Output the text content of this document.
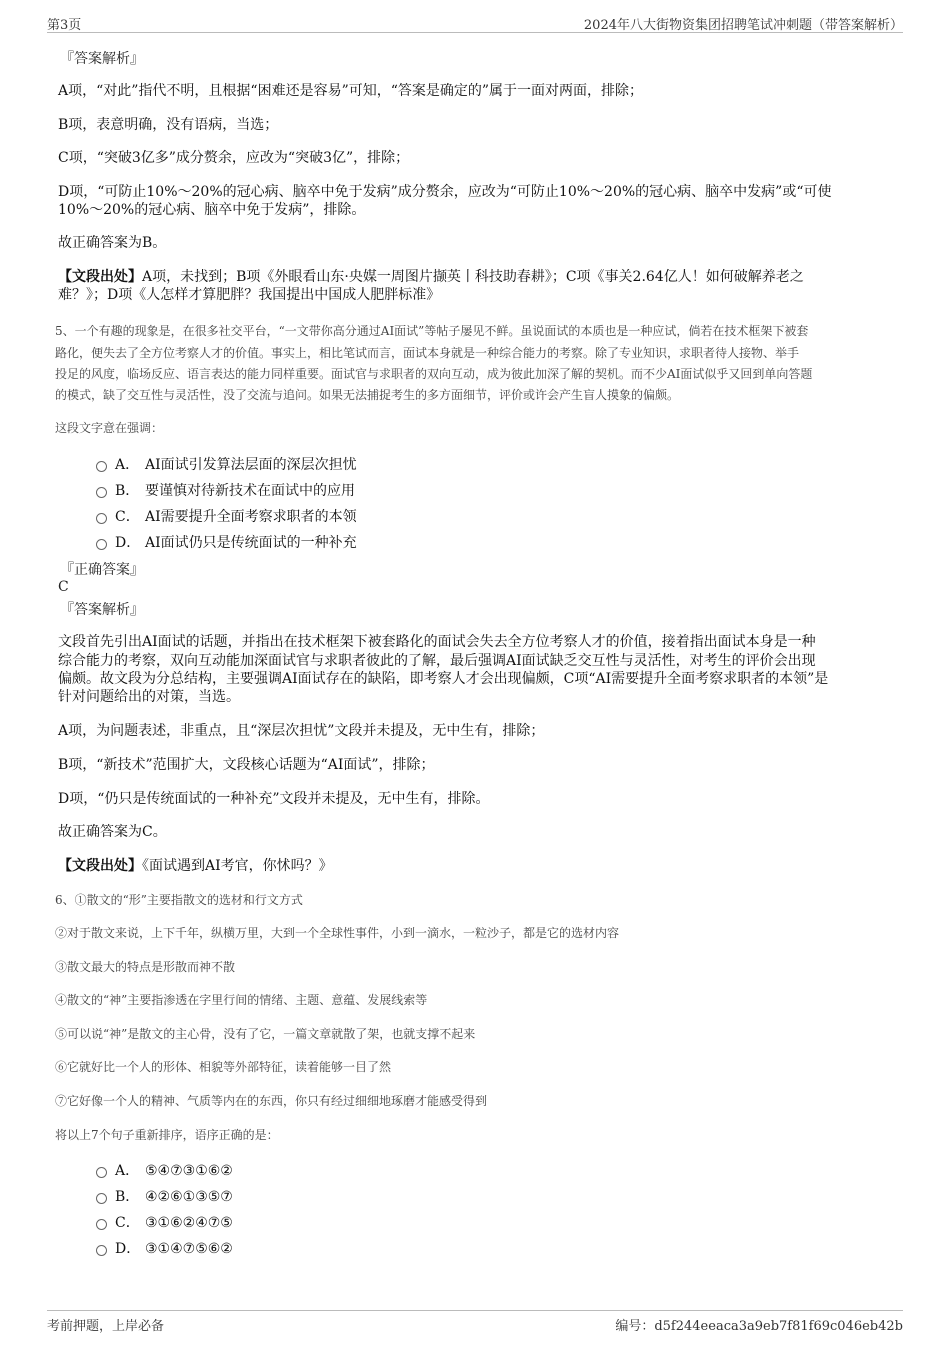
第3页	2024年八大街物资集团招聘笔试冲刺题（带答案解析）
『答案解析』
A项，“对此”指代不明，且根据“困难还是容易”可知，“答案是确定的”属于一面对两面，排除；
B项，表意明确，没有语病，当选；
C项，“突破3亿多”成分赘余，应改为“突破3亿”，排除；
D项，“可防止10%～20%的冠心病、脑卒中免于发病”成分赘余，应改为“可防止10%～20%的冠心病、脑卒中发病”或“可使
10%～20%的冠心病、脑卒中免于发病”，排除。
故正确答案为B。
【文段出处】A项，未找到；B项《外眼看山东·央媒一周图片撷英丨科技助春耕》；C项《事关2.64亿人！如何破解养老之
难？》；D项《人怎样才算肥胖？我国提出中国成人肥胖标准》
5、一个有趣的现象是，在很多社交平台，“一文带你高分通过AI面试”等帖子屡见不鲜。虽说面试的本质也是一种应试，倘若在技术框架下被套
路化，便失去了全方位考察人才的价值。事实上，相比笔试而言，面试本身就是一种综合能力的考察。除了专业知识，求职者待人接物、举手
投足的风度，临场反应、语言表达的能力同样重要。面试官与求职者的双向互动，成为彼此加深了解的契机。而不少AI面试似乎又回到单向答题
的模式，缺了交互性与灵活性，没了交流与追问。如果无法捕捉考生的多方面细节，评价或许会产生盲人摸象的偏颇。
这段文字意在强调：
A． AI面试引发算法层面的深层次担忧
B． 要谨慎对待新技术在面试中的应用
C． AI需要提升全面考察求职者的本领
D． AI面试仍只是传统面试的一种补充
『正确答案』
C
『答案解析』
文段首先引出AI面试的话题，并指出在技术框架下被套路化的面试会失去全方位考察人才的价值，接着指出面试本身是一种
综合能力的考察，双向互动能加深面试官与求职者彼此的了解，最后强调AI面试缺乏交互性与灵活性，对考生的评价会出现
偏颇。故文段为分总结构，主要强调AI面试存在的缺陷，即考察人才会出现偏颇，C项“AI需要提升全面考察求职者的本领”是
针对问题给出的对策，当选。
A项，为问题表述，非重点，且“深层次担忧”文段并未提及，无中生有，排除；
B项，“新技术”范围扩大，文段核心话题为“AI面试”，排除；
D项，“仍只是传统面试的一种补充”文段并未提及，无中生有，排除。
故正确答案为C。
【文段出处】《面试遇到AI考官，你怵吗？》
6、①散文的“形”主要指散文的选材和行文方式
②对于散文来说，上下千年，纵横万里，大到一个全球性事件，小到一滴水，一粒沙子，都是它的选材内容
③散文最大的特点是形散而神不散
④散文的“神”主要指渗透在字里行间的情绪、主题、意蕴、发展线索等
⑤可以说“神”是散文的主心骨，没有了它，一篇文章就散了架，也就支撑不起来
⑥它就好比一个人的形体、相貌等外部特征，读着能够一目了然
⑦它好像一个人的精神、气质等内在的东西，你只有经过细细地琢磨才能感受得到
将以上7个句子重新排序，语序正确的是：
A． ⑤④⑦③①⑥②
B． ④②⑥①③⑤⑦
C． ③①⑥②④⑦⑤
D． ③①④⑦⑤⑥②
考前押题，上岸必备	编号：d5f244eeaca3a9eb7f81f69c046eb42b
